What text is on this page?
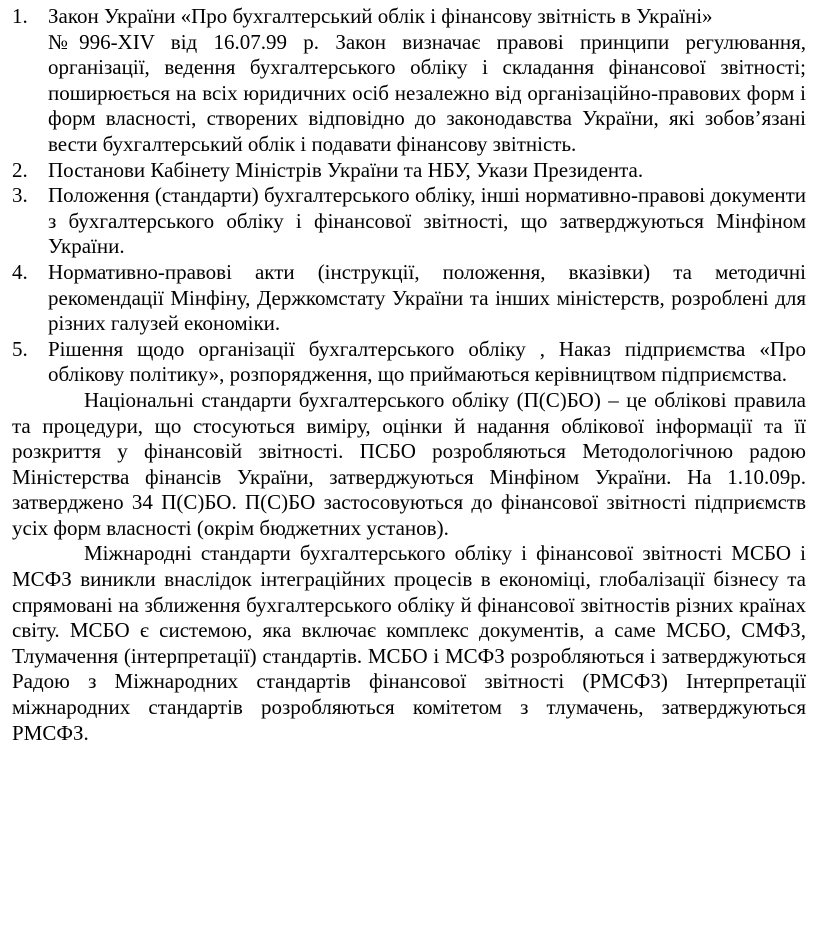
1. Закон України «Про бухгалтерський облік і фінансову звітність в Україні»
№996-XIV від 16.07.99 р. Закон визначає правові принципи регулювання, організації, ведення бухгалтерського обліку і складання фінансової звітності; поширюється на всіх юридичних осіб незалежно від організаційно-правових форм і форм власності, створених відповідно до законодавства України, які зобов’язані вести бухгалтерський облік і подавати фінансову звітність.
2. Постанови Кабінету Міністрів України та НБУ, Укази Президента.
3. Положення (стандарти) бухгалтерського обліку, інші нормативно-правові документи з бухгалтерського обліку і фінансової звітності, що затверджуються Мінфіном України.
4. Нормативно-правові акти (інструкції, положення, вказівки) та методичні рекомендації Мінфіну, Держкомстату України та інших міністерств, розроблені для різних галузей економіки.
5. Рішення щодо організації бухгалтерського обліку , Наказ підприємства «Про облікову політику», розпорядження, що приймаються керівництвом підприємства.

Національні стандарти бухгалтерського обліку (П(С)БО) – це облікові правила та процедури, що стосуються виміру, оцінки й надання облікової інформації та її розкриття у фінансовій звітності. ПСБО розробляються Методологічною радою Міністерства фінансів України, затверджуються Мінфіном України. На 1.10.09р. затверджено 34 П(С)БО. П(С)БО застосовуються до фінансової звітності підприємств усіх форм власності (окрім бюджетних установ).

Міжнародні стандарти бухгалтерського обліку і фінансової звітності МСБО і МСФЗ виникли внаслідок інтеграційних процесів в економіці, глобалізації бізнесу та спрямовані на зближення бухгалтерського обліку й фінансової звітностів різних країнах світу. МСБО є системою, яка включає комплекс документів, а саме МСБО, СМФЗ, Тлумачення (інтерпретації) стандартів. МСБО і МСФЗ розробляються і затверджуються Радою з Міжнародних стандартів фінансової звітності (РМСФЗ) Інтерпретації міжнародних стандартів розробляються комітетом з тлумачень, затверджуються РМСФЗ.
